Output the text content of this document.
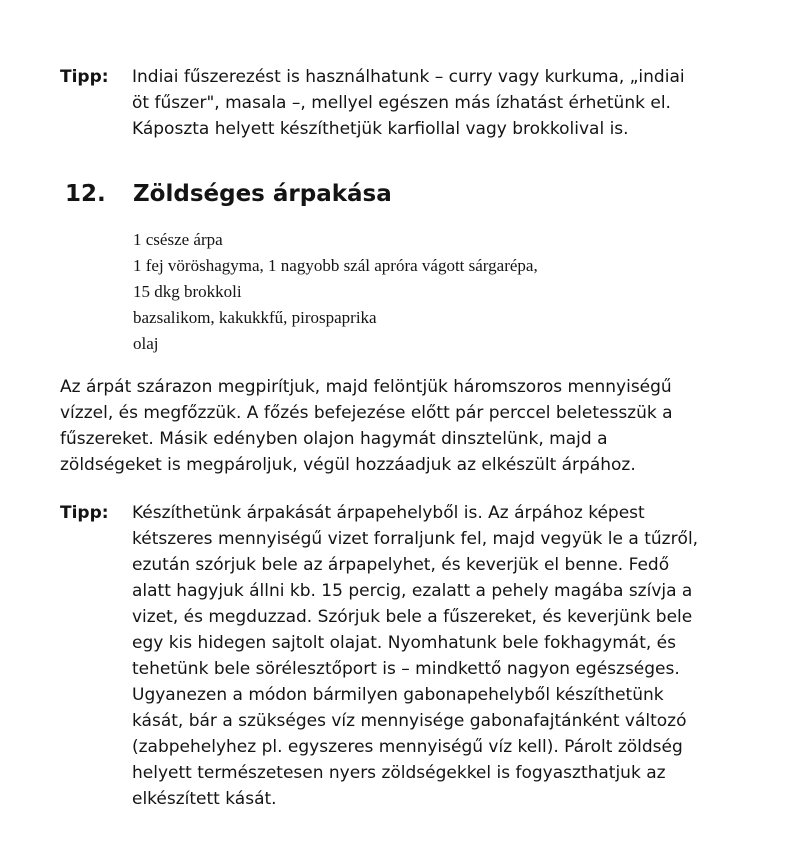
Tipp: Indiai fűszerezést is használhatunk – curry vagy kurkuma, „indiai
öt fűszer", masala –, mellyel egészen más ízhatást érhetünk el.
Káposzta helyett készíthetjük karfiollal vagy brokkolival is.
12. Zöldséges árpakása
1 csésze árpa
1 fej vöröshagyma, 1 nagyobb szál apróra vágott sárgarépa,
15 dkg brokkoli
bazsalikom, kakukkfű, pirospaprika
olaj
Az árpát szárazon megpirítjuk, majd felöntjük háromszoros mennyiségű
vízzel, és megfőzzük. A főzés befejezése előtt pár perccel beletesszük a
fűszereket. Másik edényben olajon hagymát dinsztelünk, majd a
zöldségeket is megpároljuk, végül hozzáadjuk az elkészült árpához.
Tipp: Készíthetünk árpakását árpapehelyből is. Az árpához képest
kétszeres mennyiségű vizet forraljunk fel, majd vegyük le a tűzről,
ezután szórjuk bele az árpapelyhet, és keverjük el benne. Fedő
alatt hagyjuk állni kb. 15 percig, ezalatt a pehely magába szívja a
vizet, és megduzzad. Szórjuk bele a fűszereket, és keverjünk bele
egy kis hidegen sajtolt olajat. Nyomhatunk bele fokhagymát, és
tehetünk bele sörélesztőport is – mindkettő nagyon egészséges.
Ugyanezen a módon bármilyen gabonapehelyből készíthetünk
kását, bár a szükséges víz mennyisége gabonafajtánként változó
(zabpehelyhez pl. egyszeres mennyiségű víz kell). Párolt zöldség
helyett természetesen nyers zöldségekkel is fogyaszthatjuk az
elkészített kását.
